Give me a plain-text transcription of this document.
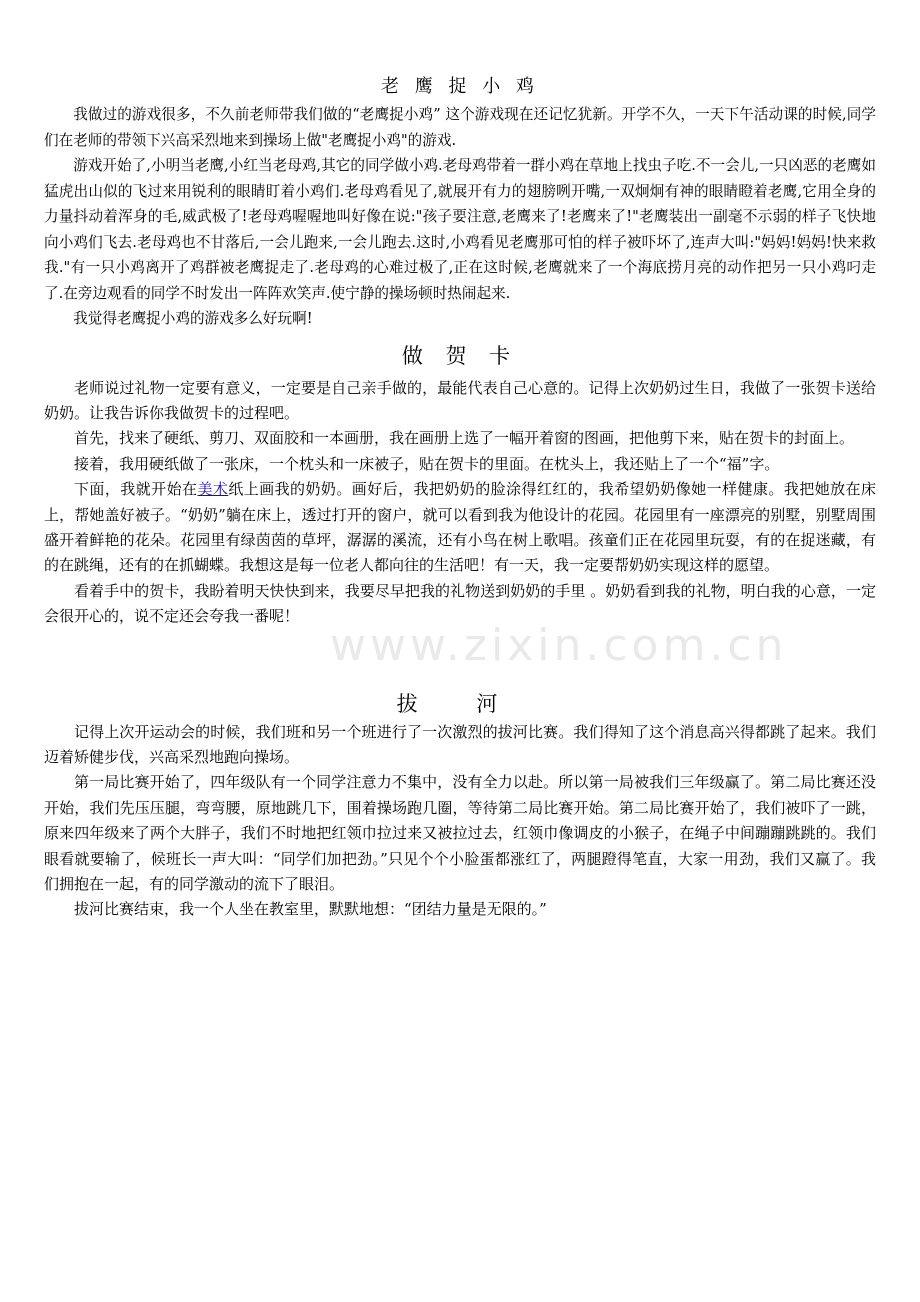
www.zixin.com.cn
老 鹰 捉 小 鸡

我做过的游戏很多，不久前老师带我们做的“老鹰捉小鸡” 这个游戏现在还记忆犹新。开学不久，一天下午活动课的时候,同学们在老师的带领下兴高采烈地来到操场上做"老鹰捉小鸡"的游戏.

游戏开始了,小明当老鹰,小红当老母鸡,其它的同学做小鸡.老母鸡带着一群小鸡在草地上找虫子吃.不一会儿,一只凶恶的老鹰如猛虎出山似的飞过来用锐利的眼睛盯着小鸡们.老母鸡看见了,就展开有力的翅膀咧开嘴,一双炯炯有神的眼睛瞪着老鹰,它用全身的力量抖动着浑身的毛,威武极了!老母鸡喔喔地叫好像在说:"孩子要注意,老鹰来了!老鹰来了!"老鹰装出一副毫不示弱的样子飞快地向小鸡们飞去.老母鸡也不甘落后,一会儿跑来,一会儿跑去.这时,小鸡看见老鹰那可怕的样子被吓坏了,连声大叫:"妈妈!妈妈!快来救我."有一只小鸡离开了鸡群被老鹰捉走了.老母鸡的心难过极了,正在这时候,老鹰就来了一个海底捞月亮的动作把另一只小鸡叼走了.在旁边观看的同学不时发出一阵阵欢笑声.使宁静的操场顿时热闹起来.

我觉得老鹰捉小鸡的游戏多么好玩啊!

做 贺 卡

老师说过礼物一定要有意义，一定要是自己亲手做的，最能代表自己心意的。记得上次奶奶过生日，我做了一张贺卡送给奶奶。让我告诉你我做贺卡的过程吧。

首先，找来了硬纸、剪刀、双面胶和一本画册，我在画册上选了一幅开着窗的图画，把他剪下来，贴在贺卡的封面上。

接着，我用硬纸做了一张床，一个枕头和一床被子，贴在贺卡的里面。在枕头上，我还贴上了一个“福”字。

下面，我就开始在美术纸上画我的奶奶。画好后，我把奶奶的脸涂得红红的，我希望奶奶像她一样健康。我把她放在床上，帮她盖好被子。“奶奶”躺在床上，透过打开的窗户，就可以看到我为他设计的花园。花园里有一座漂亮的别墅，别墅周围盛开着鲜艳的花朵。花园里有绿茵茵的草坪，潺潺的溪流，还有小鸟在树上歌唱。孩童们正在花园里玩耍，有的在捉迷藏，有的在跳绳，还有的在抓蝴蝶。我想这是每一位老人都向往的生活吧！有一天，我一定要帮奶奶实现这样的愿望。

看着手中的贺卡，我盼着明天快快到来，我要尽早把我的礼物送到奶奶的手里 。奶奶看到我的礼物，明白我的心意，一定会很开心的，说不定还会夸我一番呢！

拔 河

记得上次开运动会的时候，我们班和另一个班进行了一次激烈的拔河比赛。我们得知了这个消息高兴得都跳了起来。我们迈着矫健步伐，兴高采烈地跑向操场。

第一局比赛开始了，四年级队有一个同学注意力不集中，没有全力以赴。所以第一局被我们三年级赢了。第二局比赛还没开始，我们先压压腿，弯弯腰，原地跳几下，围着操场跑几圈，等待第二局比赛开始。第二局比赛开始了，我们被吓了一跳，原来四年级来了两个大胖子，我们不时地把红领巾拉过来又被拉过去，红领巾像调皮的小猴子，在绳子中间蹦蹦跳跳的。我们眼看就要输了，候班长一声大叫：“同学们加把劲。”只见个个小脸蛋都涨红了，两腿蹬得笔直，大家一用劲，我们又赢了。我们拥抱在一起，有的同学激动的流下了眼泪。

拔河比赛结束，我一个人坐在教室里，默默地想：“团结力量是无限的。”
